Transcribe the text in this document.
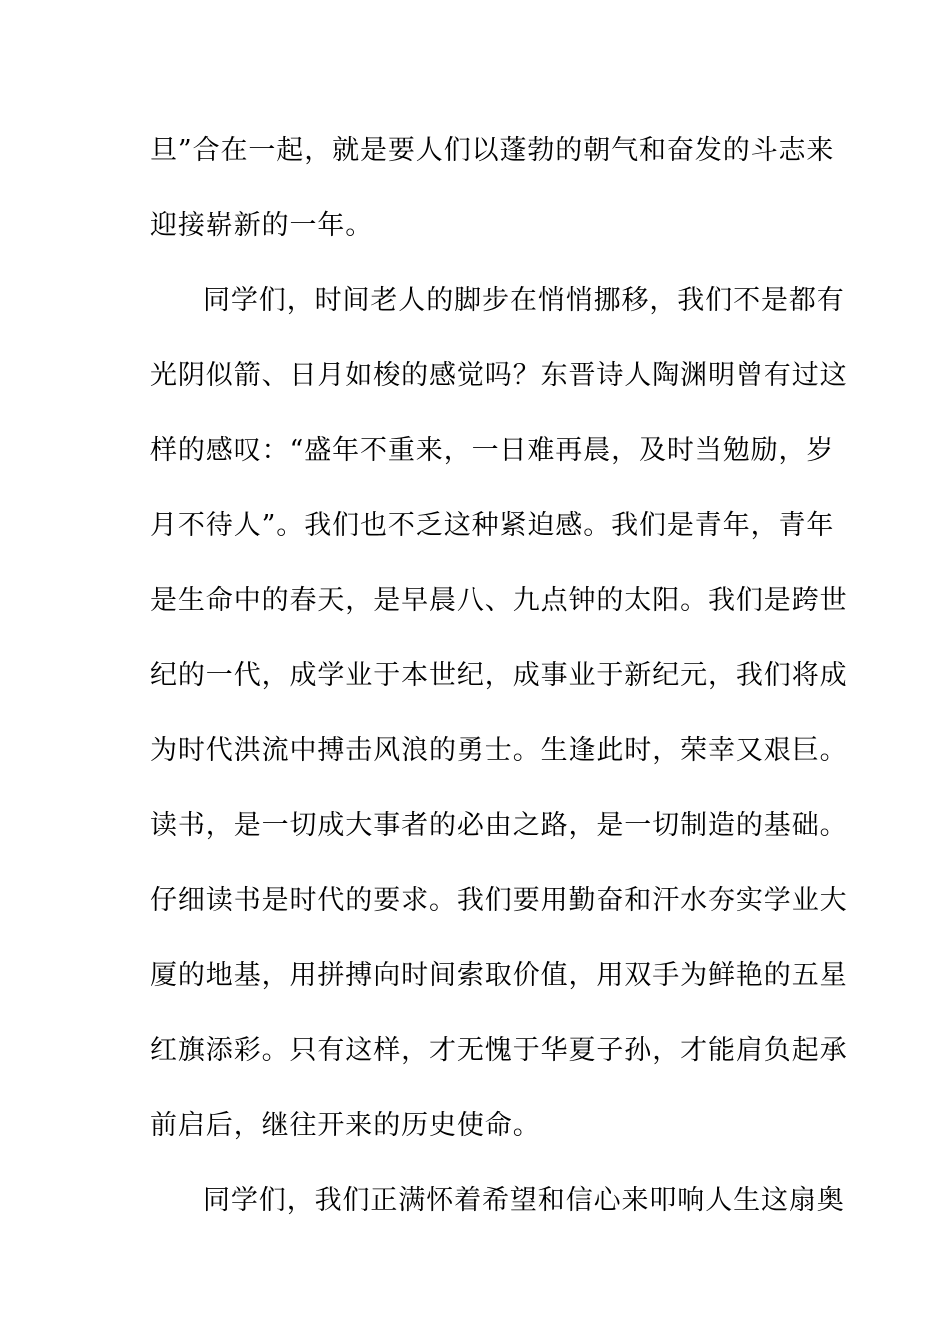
旦”合在一起，就是要人们以蓬勃的朝气和奋发的斗志来
迎接崭新的一年。
同学们，时间老人的脚步在悄悄挪移，我们不是都有
光阴似箭、日月如梭的感觉吗？东晋诗人陶渊明曾有过这
样的感叹：“盛年不重来，一日难再晨，及时当勉励，岁
月不待人”。我们也不乏这种紧迫感。我们是青年，青年
是生命中的春天，是早晨八、九点钟的太阳。我们是跨世
纪的一代，成学业于本世纪，成事业于新纪元，我们将成
为时代洪流中搏击风浪的勇士。生逢此时，荣幸又艰巨。
读书，是一切成大事者的必由之路，是一切制造的基础。
仔细读书是时代的要求。我们要用勤奋和汗水夯实学业大
厦的地基，用拼搏向时间索取价值，用双手为鲜艳的五星
红旗添彩。只有这样，才无愧于华夏子孙，才能肩负起承
前启后，继往开来的历史使命。
同学们，我们正满怀着希望和信心来叩响人生这扇奥
